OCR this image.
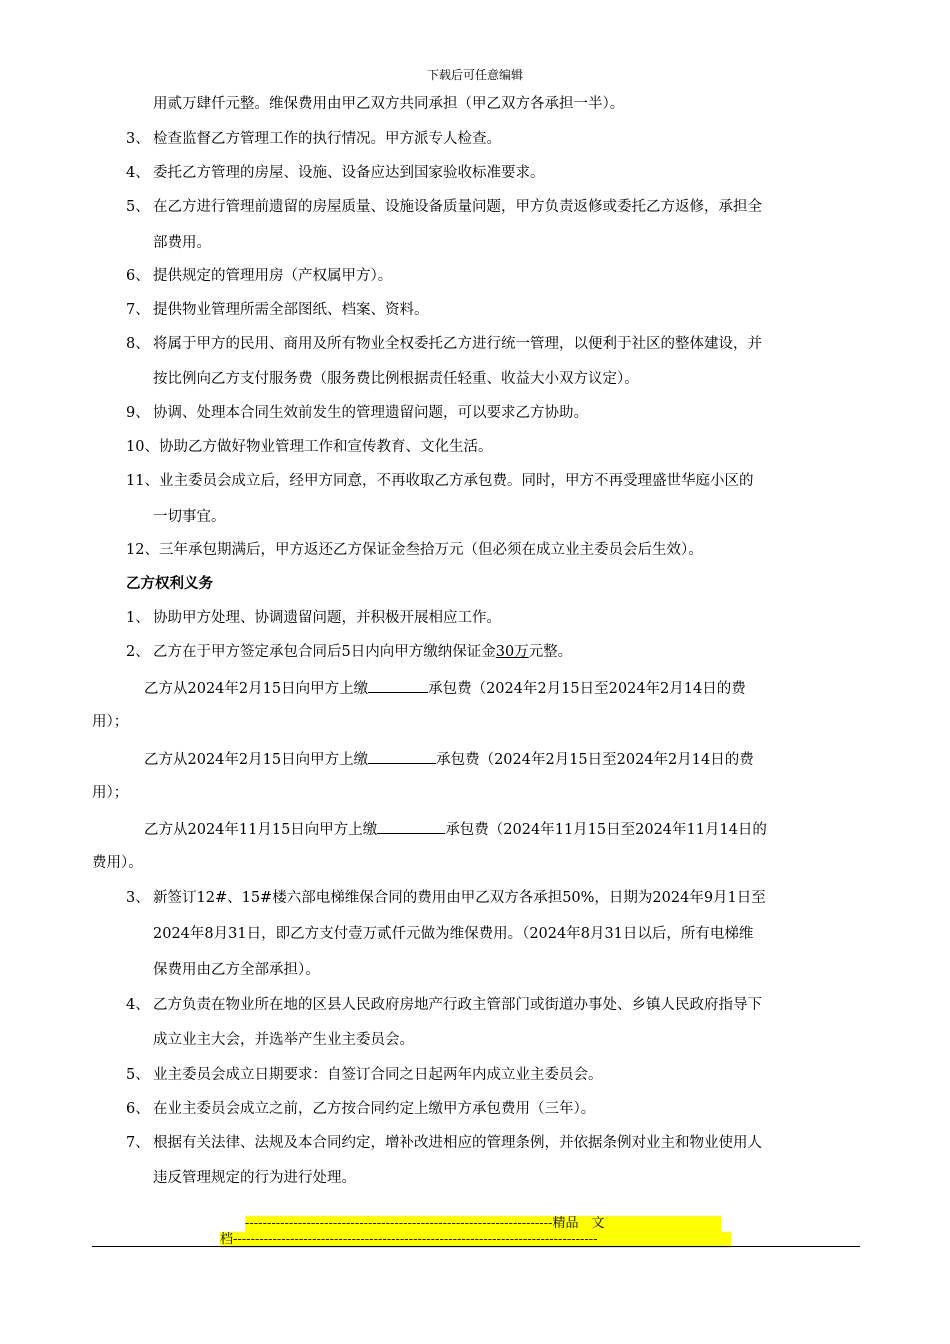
下载后可任意编辑
用贰万肆仟元整。维保费用由甲乙双方共同承担（甲乙双方各承担一半）。
3、 检查监督乙方管理工作的执行情况。甲方派专人检查。
4、 委托乙方管理的房屋、设施、设备应达到国家验收标准要求。
5、 在乙方进行管理前遗留的房屋质量、设施设备质量问题，甲方负责返修或委托乙方返修，承担全
部费用。
6、 提供规定的管理用房（产权属甲方）。
7、 提供物业管理所需全部图纸、档案、资料。
8、 将属于甲方的民用、商用及所有物业全权委托乙方进行统一管理，以便利于社区的整体建设，并
按比例向乙方支付服务费（服务费比例根据责任轻重、收益大小双方议定）。
9、 协调、处理本合同生效前发生的管理遗留问题，可以要求乙方协助。
10、协助乙方做好物业管理工作和宣传教育、文化生活。
11、业主委员会成立后，经甲方同意，不再收取乙方承包费。同时，甲方不再受理盛世华庭小区的
一切事宜。
12、三年承包期满后，甲方返还乙方保证金叁拾万元（但必须在成立业主委员会后生效）。
乙方权利义务
1、 协助甲方处理、协调遗留问题，并积极开展相应工作。
2、 乙方在于甲方签定承包合同后5日内向甲方缴纳保证金30万元整。
乙方从2024年2月15日向甲方上缴	承包费（2024年2月15日至2024年2月14日的费
用）；
乙方从2024年2月15日向甲方上缴	承包费（2024年2月15日至2024年2月14日的费
用）；
乙方从2024年11月15日向甲方上缴	承包费（2024年11月15日至2024年11月14日的
费用）。
3、 新签订12#、15#楼六部电梯维保合同的费用由甲乙双方各承担50%，日期为2024年9月1日至
2024年8月31日，即乙方支付壹万贰仟元做为维保费用。（2024年8月31日以后，所有电梯维
保费用由乙方全部承担）。
4、 乙方负责在物业所在地的区县人民政府房地产行政主管部门或街道办事处、乡镇人民政府指导下
成立业主大会，并选举产生业主委员会。
5、 业主委员会成立日期要求：自签订合同之日起两年内成立业主委员会。
6、 在业主委员会成立之前，乙方按合同约定上缴甲方承包费用（三年）。
7、 根据有关法律、法规及本合同约定，增补改进相应的管理条例，并依据条例对业主和物业使用人
违反管理规定的行为进行处理。
----------------------------------------------------------------------精品　文
档-----------------------------------------------------------------------------------
